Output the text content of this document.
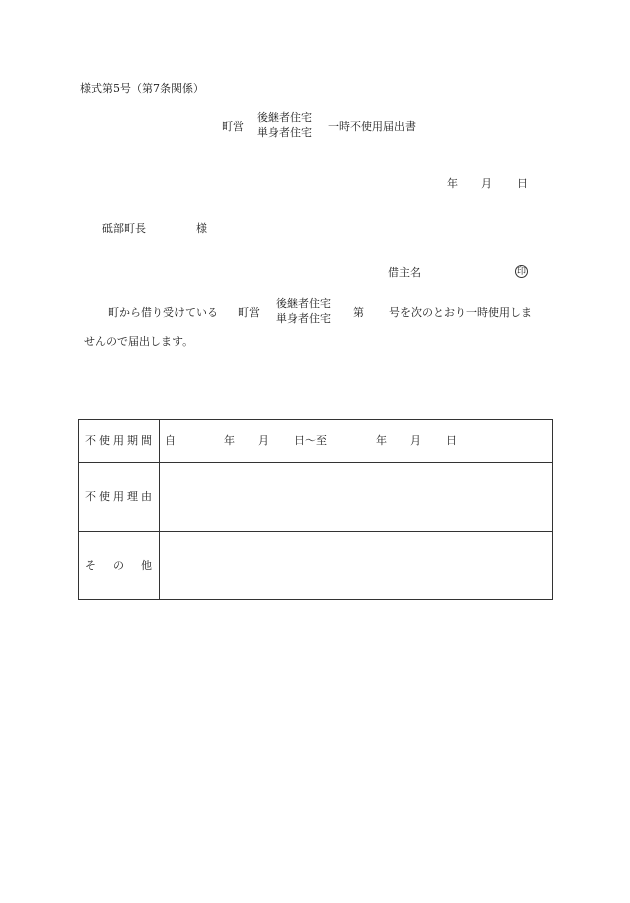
様式第5号（第7条関係）
町営
後継者住宅
単身者住宅 一時不使用届出書
年 月 日
砥部町長	様
借主名	印
町から借り受けている 町営
後継者住宅
単身者住宅 第 号を次のとおり一時使用しま
せんので届出します。
不使用期間 自	年 月 日～至	年 月 日
不使用理由
そ　の　他
